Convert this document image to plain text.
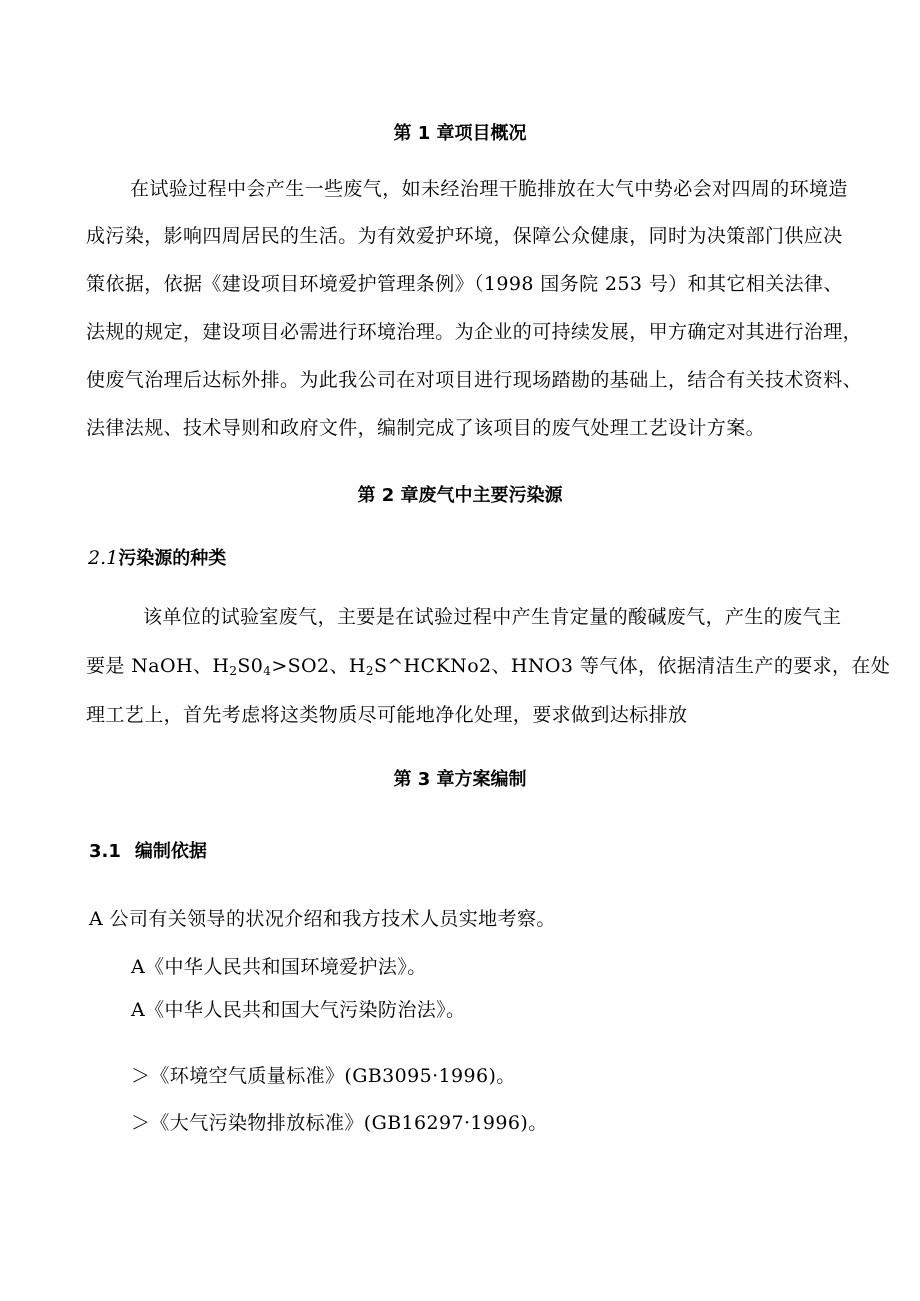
第 1 章项目概况

在试验过程中会产生一些废气，如未经治理干脆排放在大气中势必会对四周的环境造

成污染，影响四周居民的生活。为有效爱护环境，保障公众健康，同时为决策部门供应决

策依据，依据《建设项目环境爱护管理条例》（1998 国务院 253 号）和其它相关法律、

法规的规定，建设项目必需进行环境治理。为企业的可持续发展，甲方确定对其进行治理，

使废气治理后达标外排。为此我公司在对项目进行现场踏勘的基础上，结合有关技术资料、

法律法规、技术导则和政府文件，编制完成了该项目的废气处理工艺设计方案。

第 2 章废气中主要污染源
2.1污染源的种类

该单位的试验室废气，主要是在试验过程中产生肯定量的酸碱废气，产生的废气主

要是 NaOH、$H_2S0_4>SO2$、$H_2S\^{}HCKNo2$、HNO3 等气体，依据清洁生产的要求，在处

理工艺上，首先考虑将这类物质尽可能地净化处理，要求做到达标排放

第 3 章方案编制
3.1 编制依据

A 公司有关领导的状况介绍和我方技术人员实地考察。

A《中华人民共和国环境爱护法》。

A《中华人民共和国大气污染防治法》。

＞《环境空气质量标准》(GB3095·1996)。

＞《大气污染物排放标准》(GB16297·1996)。
